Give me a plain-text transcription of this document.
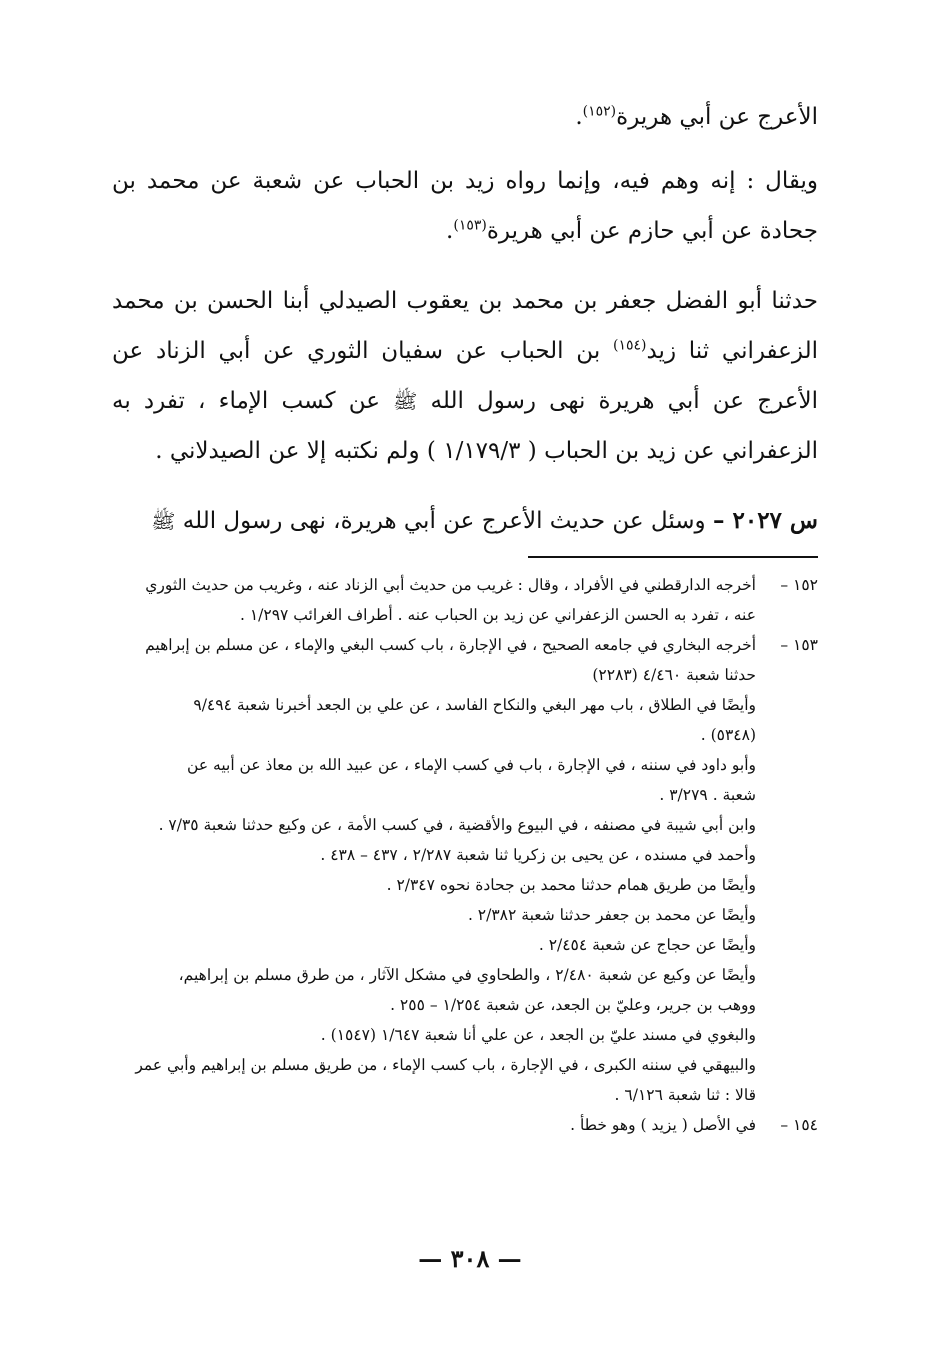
الأعرج عن أبي هريرة$^{(١٥٢)}$.

ويقال : إنه وهم فيه، وإنما رواه زيد بن الحباب عن شعبة عن محمد بن جحادة عن أبي حازم عن أبي هريرة$^{(١٥٣)}$.

حدثنا أبو الفضل جعفر بن محمد بن يعقوب الصيدلي أبنا الحسن بن محمد الزعفراني ثنا زيد$^{(١٥٤)}$ بن الحباب عن سفيان الثوري عن أبي الزناد عن الأعرج عن أبي هريرة نهى رسول الله ﷺ عن كسب الإماء ، تفرد به الزعفراني عن زيد بن الحباب ( ١/١٧٩/٣ ) ولم نكتبه إلا عن الصيدلاني .

س ٢٠٢٧ – وسئل عن حديث الأعرج عن أبي هريرة، نهى رسول الله ﷺ

١٥٢ –
أخرجه الدارقطني في الأفراد ، وقال : غريب من حديث أبي الزناد عنه ، وغريب من حديث الثوري
عنه ، تفرد به الحسن الزعفراني عن زيد بن الحباب عنه . أطراف الغرائب ١/٢٩٧ .
١٥٣ –
أخرجه البخاري في جامعه الصحيح ، في الإجارة ، باب كسب البغي والإماء ، عن مسلم بن إبراهيم
حدثنا شعبة ٤/٤٦٠ (٢٢٨٣)
وأيضًا في الطلاق ، باب مهر البغي والنكاح الفاسد ، عن علي بن الجعد أخبرنا شعبة ٩/٤٩٤
(٥٣٤٨) .
وأبو داود في سننه ، في الإجارة ، باب في كسب الإماء ، عن عبيد الله بن معاذ عن أبيه عن
شعبة . ٣/٢٧٩ .
وابن أبي شيبة في مصنفه ، في البيوع والأقضية ، في كسب الأمة ، عن وكيع حدثنا شعبة ٧/٣٥ .
وأحمد في مسنده ، عن يحيى بن زكريا ثنا شعبة ٢/٢٨٧ ، ٤٣٧ – ٤٣٨ .
وأيضًا من طريق همام حدثنا محمد بن جحادة نحوه ٢/٣٤٧ .
وأيضًا عن محمد بن جعفر حدثنا شعبة ٢/٣٨٢ .
وأيضًا عن حجاج عن شعبة ٢/٤٥٤ .
وأيضًا عن وكيع عن شعبة ٢/٤٨٠ ، والطحاوي في مشكل الآثار ، من طرق مسلم بن إبراهيم،
ووهب بن جرير، وعليّ بن الجعد، عن شعبة ١/٢٥٤ – ٢٥٥ .
والبغوي في مسند عليّ بن الجعد ، عن علي أنا شعبة ١/٦٤٧ (١٥٤٧) .
والبيهقي في سننه الكبرى ، في الإجارة ، باب كسب الإماء ، من طريق مسلم بن إبراهيم وأبي عمر
قالا : ثنا شعبة ٦/١٢٦ .
١٥٤ –
في الأصل ( يزيد ) وهو خطأ .
— ٣٠٨ —
